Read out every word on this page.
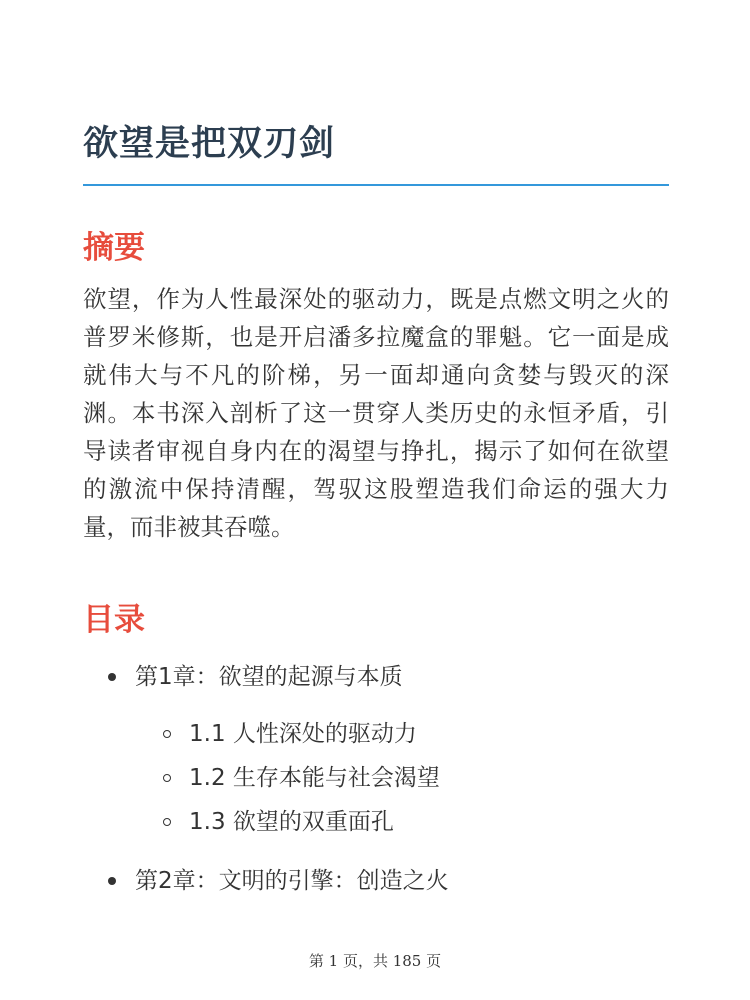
欲望是把双刃剑
摘要

欲望，作为人性最深处的驱动力，既是点燃文明之火的普罗米修斯，也是开启潘多拉魔盒的罪魁。它一面是成就伟大与不凡的阶梯，另一面却通向贪婪与毁灭的深渊。本书深入剖析了这一贯穿人类历史的永恒矛盾，引导读者审视自身内在的渴望与挣扎，揭示了如何在欲望的激流中保持清醒，驾驭这股塑造我们命运的强大力量，而非被其吞噬。

目录

第1章：欲望的起源与本质

1.1 人性深处的驱动力

1.2 生存本能与社会渴望

1.3 欲望的双重面孔

第2章：文明的引擎：创造之火

第 1 页，共 185 页
